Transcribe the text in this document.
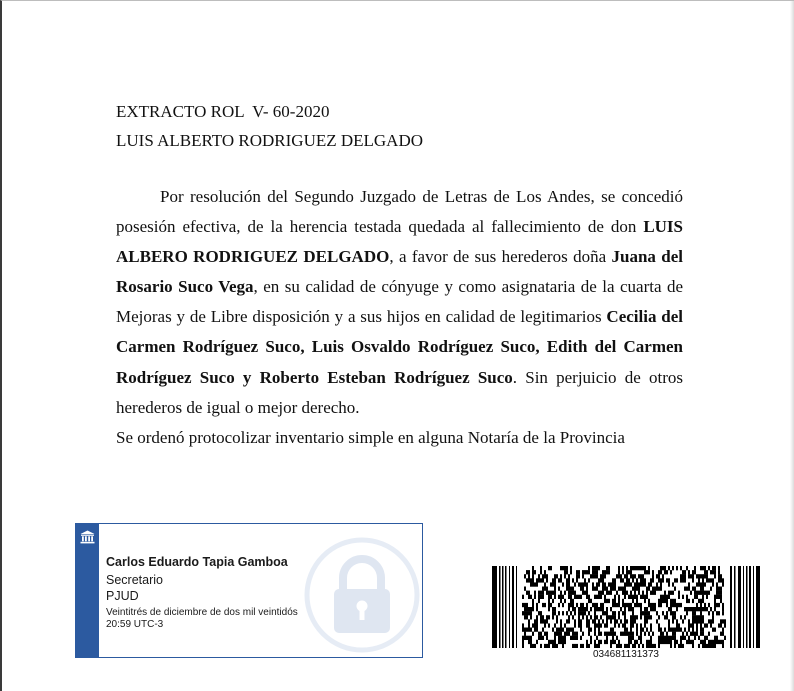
EXTRACTO ROL  V- 60-2020
LUIS ALBERTO RODRIGUEZ DELGADO

Por resolución del Segundo Juzgado de Letras de Los Andes, se concedió posesión efectiva, de la herencia testada quedada al fallecimiento de don LUIS ALBERO RODRIGUEZ DELGADO, a favor de sus herederos doña Juana del Rosario Suco Vega, en su calidad de cónyuge y como asignataria de la cuarta de Mejoras y de Libre disposición y a sus hijos en calidad de legitimarios Cecilia del Carmen Rodríguez Suco, Luis Osvaldo Rodríguez Suco, Edith del Carmen Rodríguez Suco y Roberto Esteban Rodríguez Suco. Sin perjuicio de otros herederos de igual o mejor derecho.

Se ordenó protocolizar inventario simple en alguna Notaría de la Provincia

Carlos Eduardo Tapia Gamboa
Secretario
PJUD
Veintitrés de diciembre de dos mil veintidós
20:59 UTC-3
034681131373
